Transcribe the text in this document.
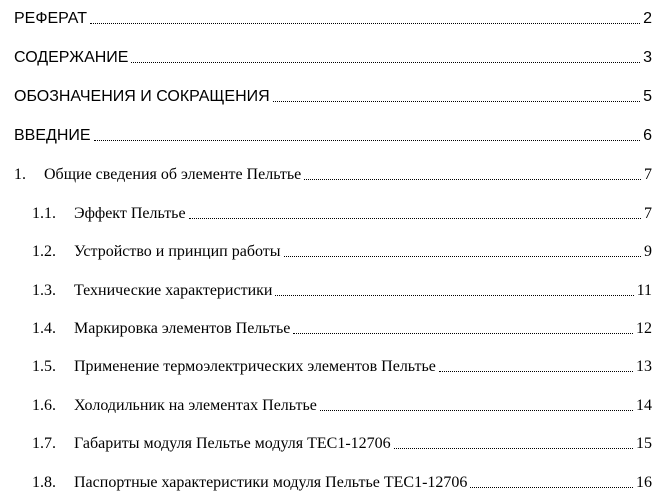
РЕФЕРАТ	2
СОДЕРЖАНИЕ	3
ОБОЗНАЧЕНИЯ И СОКРАЩЕНИЯ	5
ВВЕДНИЕ	6
1.	Общие сведения об элементе Пельтье	7
1.1.	Эффект Пельтье	7
1.2.	Устройство и принцип работы	9
1.3.	Технические характеристики	11
1.4.	Маркировка элементов Пельтье	12
1.5.	Применение термоэлектрических элементов Пельтье	13
1.6.	Холодильник на элементах Пельтье	14
1.7.	Габариты модуля Пельтье модуля TEC1-12706	15
1.8.	Паспортные характеристики модуля Пельтье TEC1-12706	16
